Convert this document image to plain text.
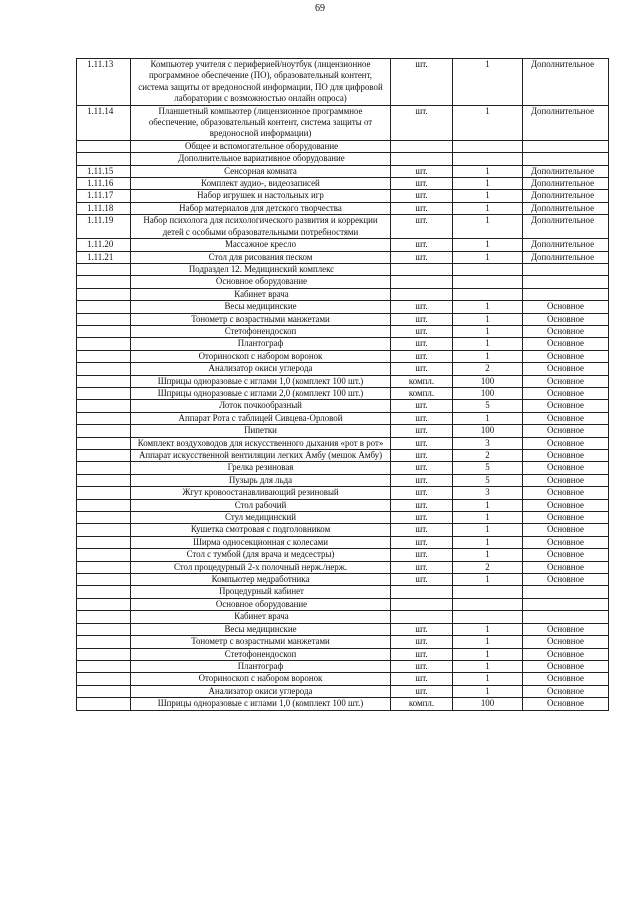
69
1.11.13	Компьютер учителя с периферией/ноутбук (лицензионное программное обеспечение (ПО), образовательный контент, система защиты от вредоносной информации, ПО для цифровой лаборатории с возможностью онлайн опроса)	шт.	1	Дополнительное
1.11.14	Планшетный компьютер (лицензионное программное обеспечение, образовательный контент, система защиты от вредоносной информации)	шт.	1	Дополнительное
	Общее и вспомогательное оборудование			
	Дополнительное вариативное оборудование			
1.11.15	Сенсорная комната	шт.	1	Дополнительное
1.11.16	Комплект аудио-, видеозаписей	шт.	1	Дополнительное
1.11.17	Набор игрушек и настольных игр	шт.	1	Дополнительное
1.11.18	Набор материалов для детского творчества	шт.	1	Дополнительное
1.11.19	Набор психолога для психологического развития и коррекции детей с особыми образовательными потребностями	шт.	1	Дополнительное
1.11.20	Массажное кресло	шт.	1	Дополнительное
1.11.21	Стол для рисования песком	шт.	1	Дополнительное
	Подраздел 12. Медицинский комплекс			
	Основное оборудование			
	Кабинет врача			
	Весы медицинские	шт.	1	Основное
	Тонометр с возрастными манжетами	шт.	1	Основное
	Стетофонендоскоп	шт.	1	Основное
	Плантограф	шт.	1	Основное
	Оториноскоп с набором воронок	шт.	1	Основное
	Анализатор окиси углерода	шт.	2	Основное
	Шприцы одноразовые с иглами 1,0 (комплект 100 шт.)	компл.	100	Основное
	Шприцы одноразовые с иглами 2,0 (комплект 100 шт.)	компл.	100	Основное
	Лоток почкообразный	шт.	5	Основное
	Аппарат Рота с таблицей Сивцева-Орловой	шт.	1	Основное
	Пипетки	шт.	100	Основное
	Комплект воздуховодов для искусственного дыхания «рот в рот»	шт.	3	Основное
	Аппарат искусственной вентиляции легких Амбу (мешок Амбу)	шт.	2	Основное
	Грелка резиновая	шт.	5	Основное
	Пузырь для льда	шт.	5	Основное
	Жгут кровоостанавливающий резиновый	шт.	3	Основное
	Стол рабочий	шт.	1	Основное
	Стул медицинский	шт.	1	Основное
	Кушетка смотровая с подголовником	шт.	1	Основное
	Ширма односекционная с колесами	шт.	1	Основное
	Стол с тумбой (для врача и медсестры)	шт.	1	Основное
	Стол процедурный 2-х полочный нерж./нерж.	шт.	2	Основное
	Компьютер медработника	шт.	1	Основное
	Процедурный кабинет			
	Основное оборудование			
	Кабинет врача			
	Весы медицинские	шт.	1	Основное
	Тонометр с возрастными манжетами	шт.	1	Основное
	Стетофонендоскоп	шт.	1	Основное
	Плантограф	шт.	1	Основное
	Оториноскоп с набором воронок	шт.	1	Основное
	Анализатор окиси углерода	шт.	1	Основное
	Шприцы одноразовые с иглами 1,0 (комплект 100 шт.)	компл.	100	Основное
